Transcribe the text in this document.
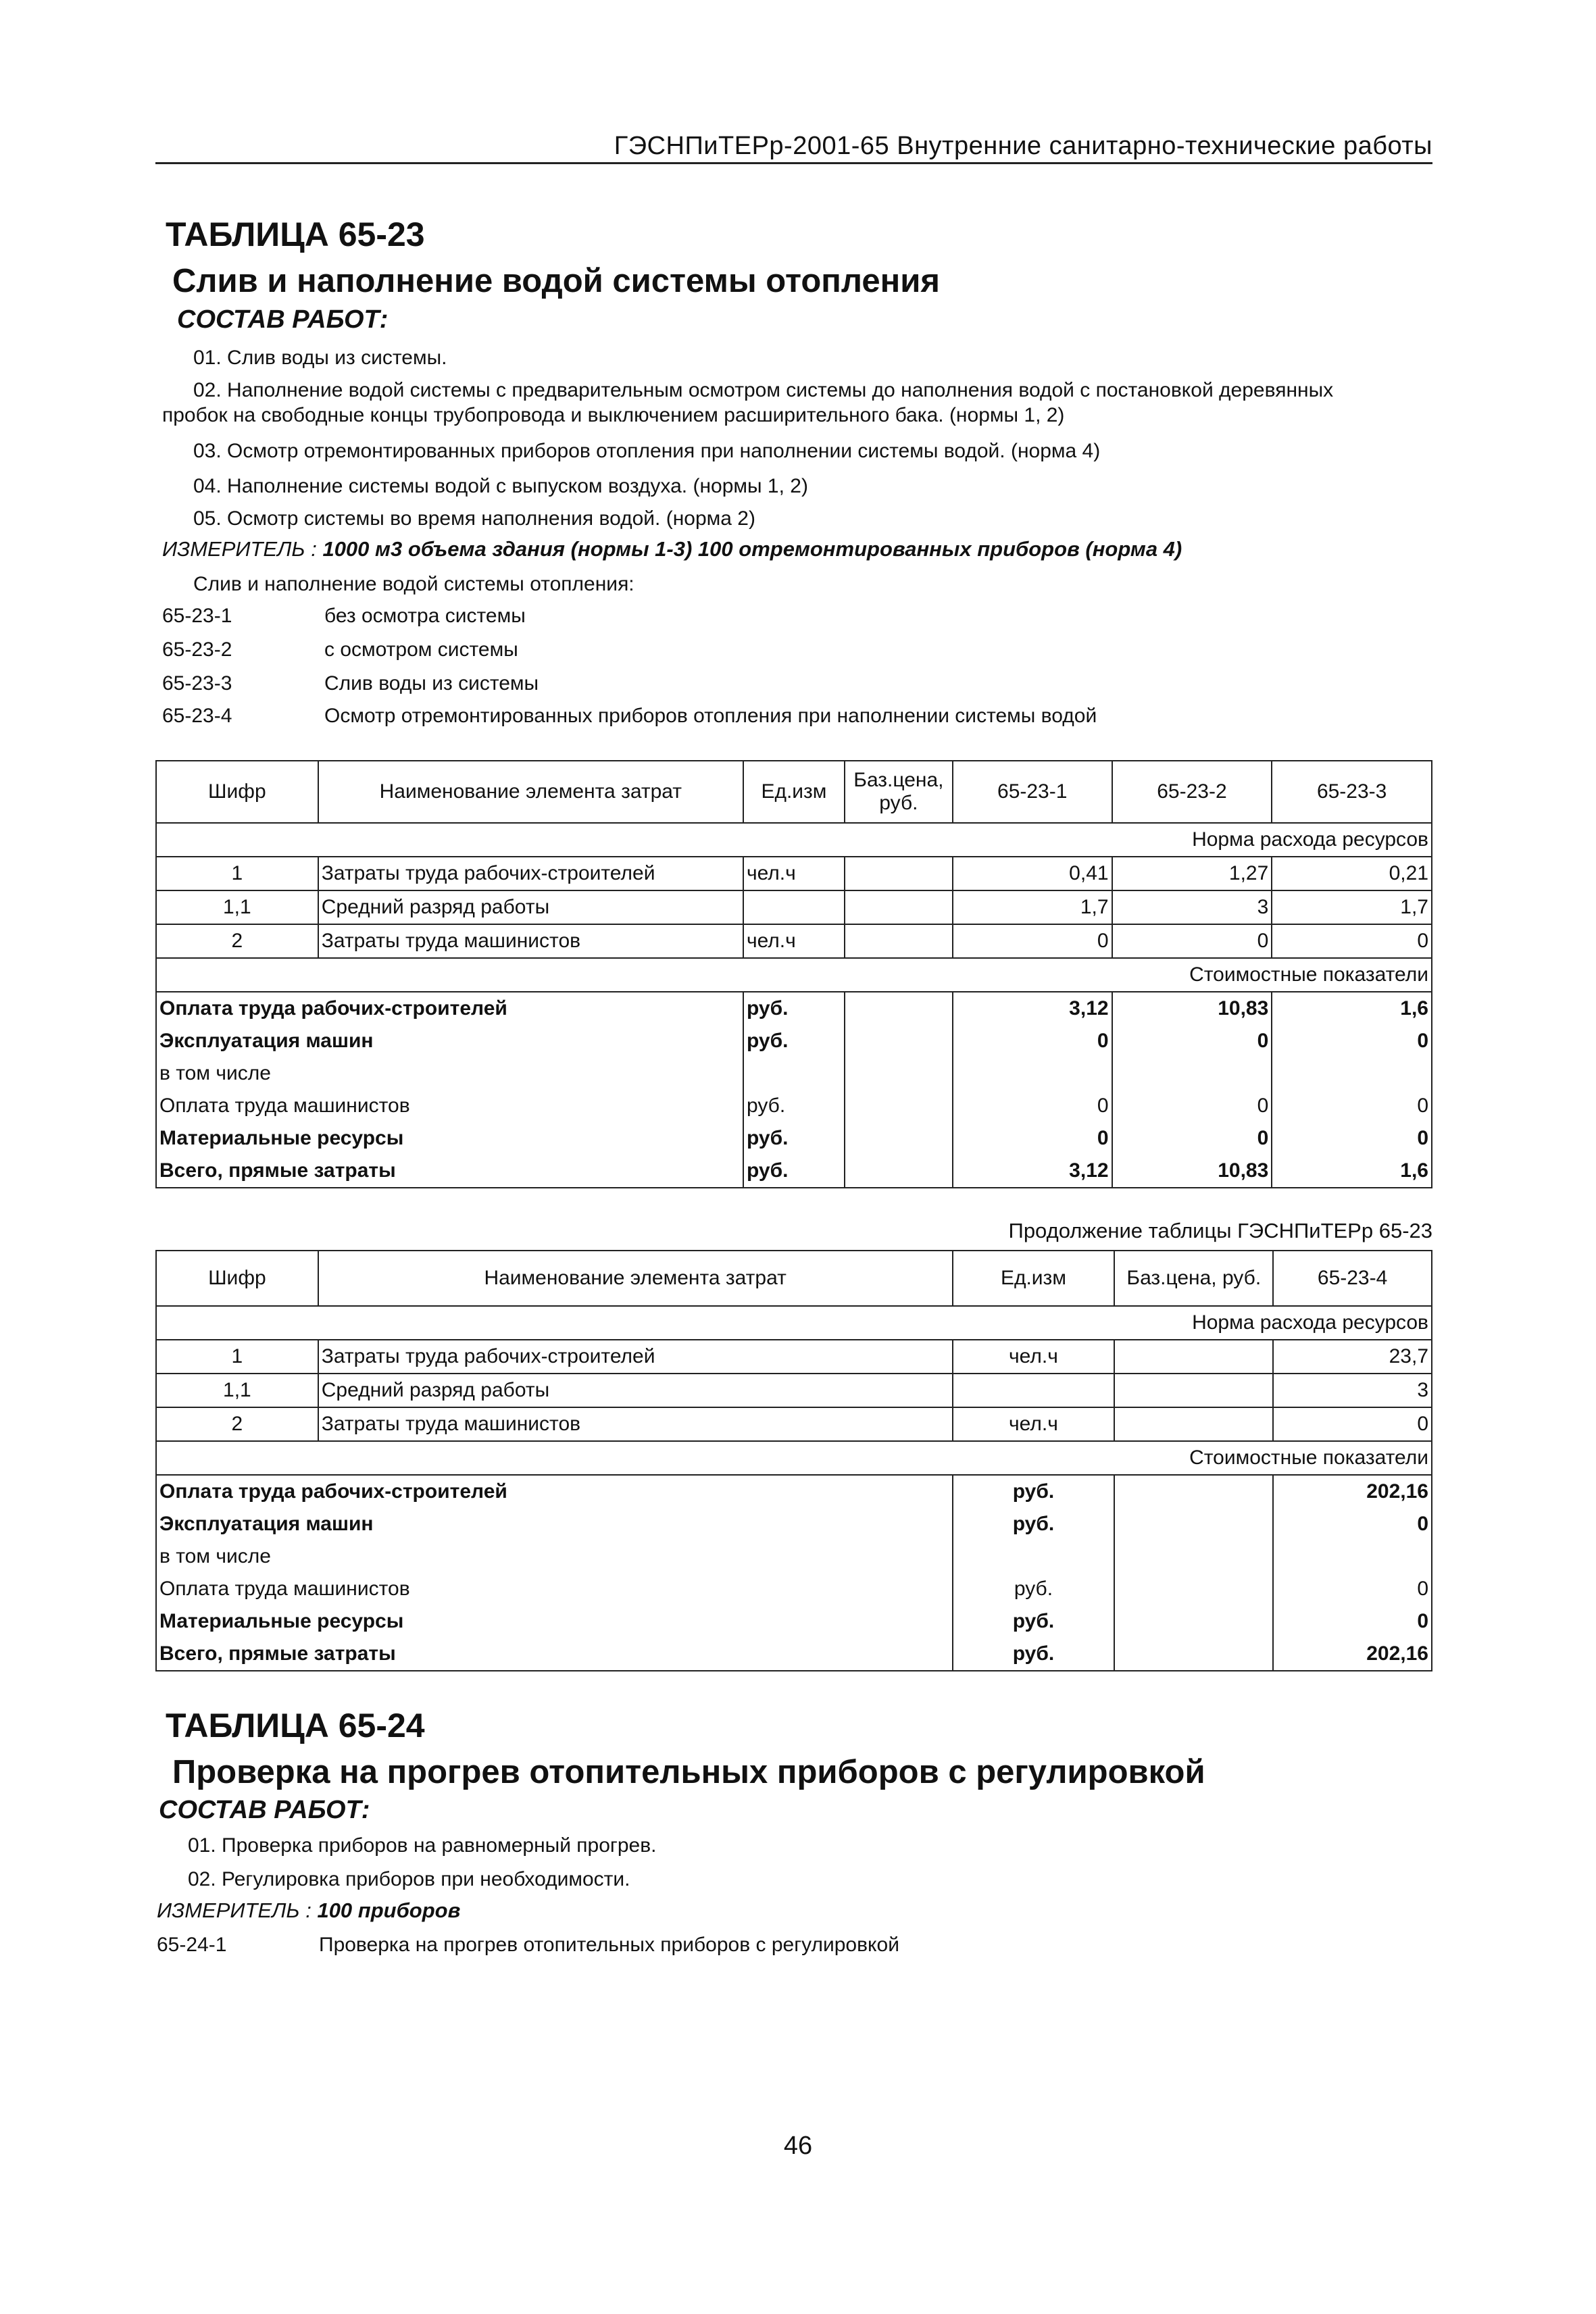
ГЭСНПиТЕРр-2001-65 Внутренние санитарно-технические работы
ТАБЛИЦА 65-23
Слив и наполнение водой системы отопления
СОСТАВ РАБОТ:
01. Слив воды из системы.
02. Наполнение водой системы с предварительным осмотром системы до наполнения водой с постановкой деревянных
пробок на свободные концы трубопровода и выключением расширительного бака. (нормы 1, 2)
03. Осмотр отремонтированных приборов отопления при наполнении системы водой. (норма 4)
04. Наполнение системы водой с выпуском воздуха. (нормы 1, 2)
05. Осмотр системы во время наполнения водой. (норма 2)
ИЗМЕРИТЕЛЬ : 1000 м3 объема здания (нормы 1-3) 100 отремонтированных приборов (норма 4)
Слив и наполнение водой системы отопления:
65-23-1	без осмотра системы
65-23-2	с осмотром системы
65-23-3	Слив воды из системы
65-23-4	Осмотр отремонтированных приборов отопления при наполнении системы водой
Шифр	Наименование элемента затрат	Ед.изм	Баз.цена, руб.	65-23-1	65-23-2	65-23-3
Норма расхода ресурсов						
1	Затраты труда рабочих-строителей	чел.ч		0,41	1,27	0,21
1,1	Средний разряд работы			1,7	3	1,7
2	Затраты труда машинистов	чел.ч		0	0	0
Стоимостные показатели						
Оплата труда рабочих-строителей		руб.		3,12	10,83	1,6
Эксплуатация машин		руб.		0	0	0
в том числе						
Оплата труда машинистов		руб.		0	0	0
Материальные ресурсы		руб.		0	0	0
Всего, прямые затраты		руб.		3,12	10,83	1,6
Продолжение таблицы ГЭСНПиТЕРр 65-23
Шифр	Наименование элемента затрат	Ед.изм	Баз.цена, руб.	65-23-4
Норма расхода ресурсов				
1	Затраты труда рабочих-строителей	чел.ч		23,7
1,1	Средний разряд работы			3
2	Затраты труда машинистов	чел.ч		0
Стоимостные показатели				
Оплата труда рабочих-строителей		руб.		202,16
Эксплуатация машин		руб.		0
в том числе				
Оплата труда машинистов		руб.		0
Материальные ресурсы		руб.		0
Всего, прямые затраты		руб.		202,16
ТАБЛИЦА 65-24
Проверка на прогрев отопительных приборов с регулировкой
СОСТАВ РАБОТ:
01. Проверка приборов на равномерный прогрев.
02. Регулировка приборов при необходимости.
ИЗМЕРИТЕЛЬ : 100 приборов
65-24-1	Проверка на прогрев отопительных приборов с регулировкой
46
